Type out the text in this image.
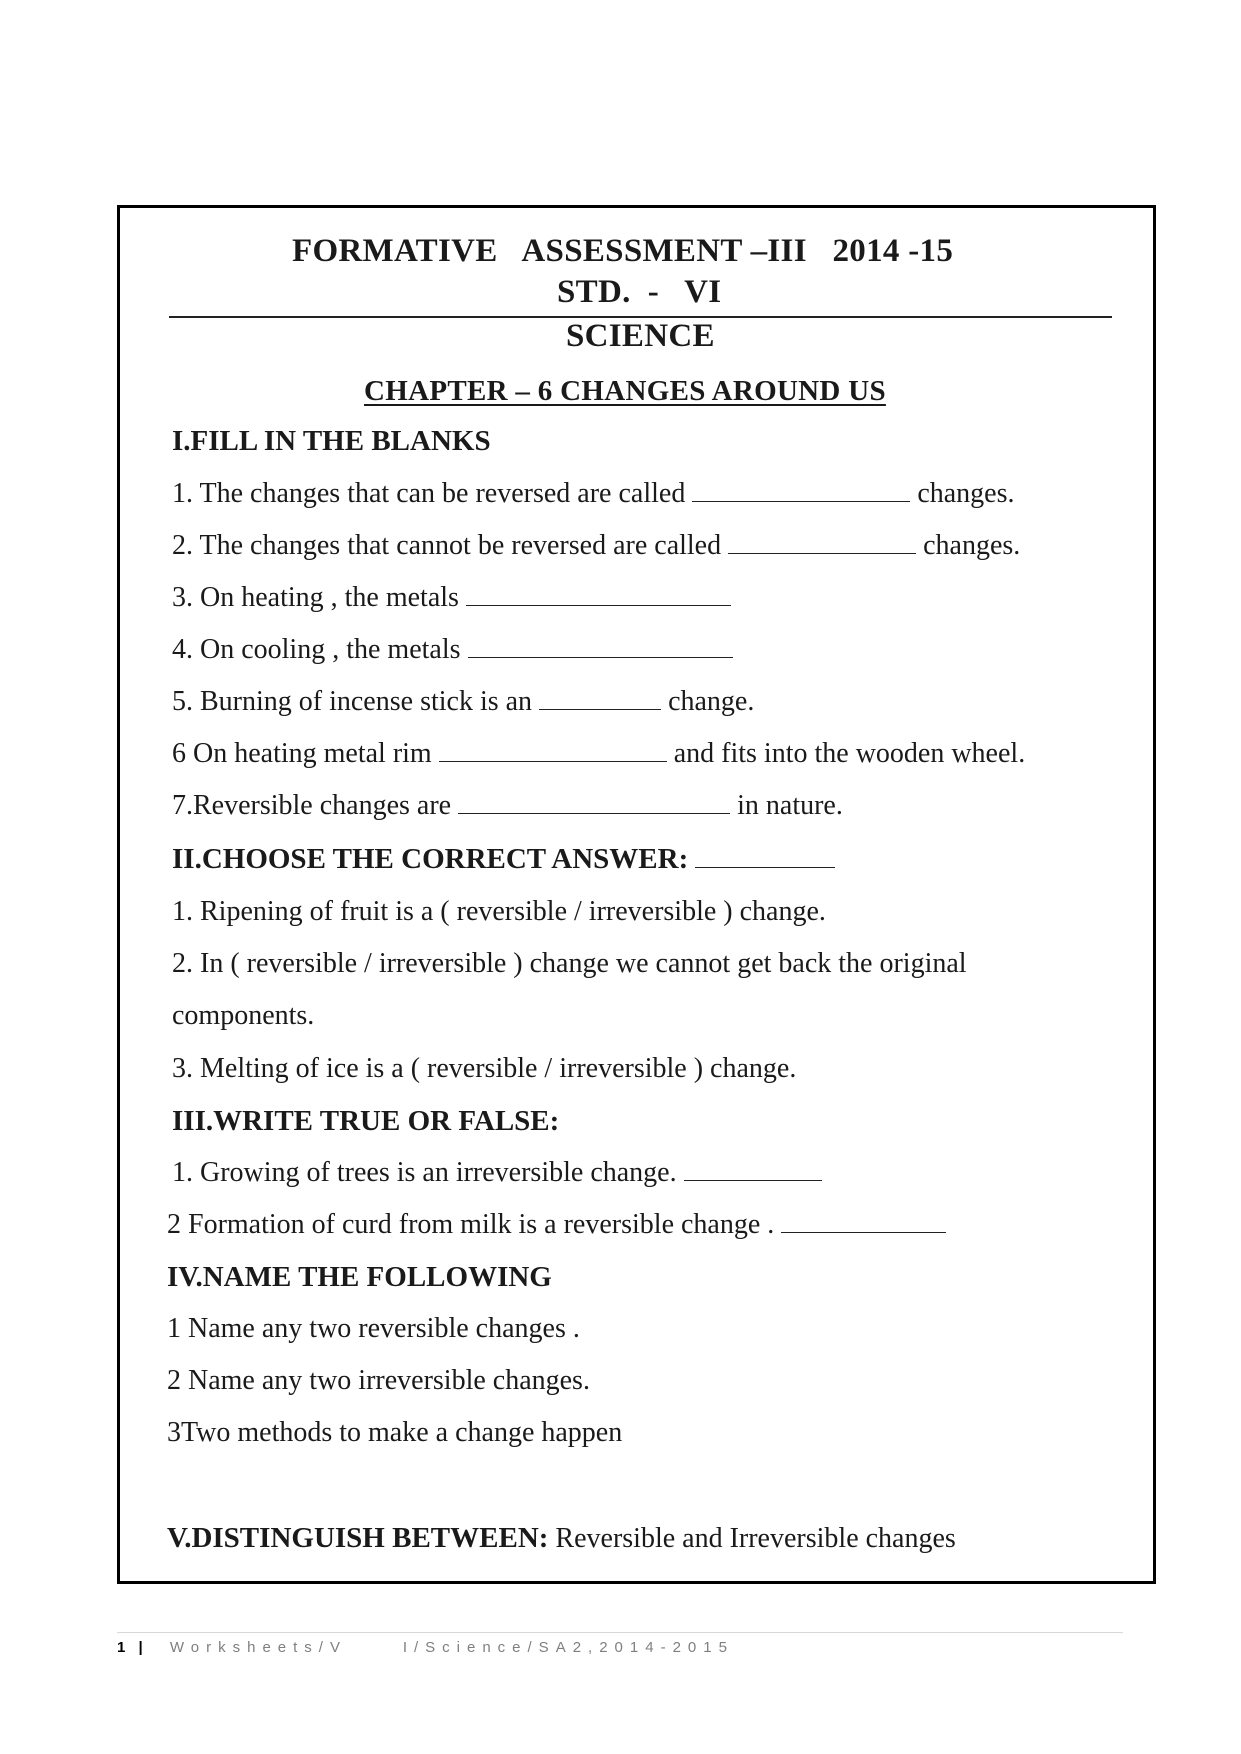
FORMATIVE   ASSESSMENT –III   2014 -15
STD.  -   VI
SCIENCE
CHAPTER – 6 CHANGES AROUND US
I.FILL IN THE BLANKS
1. The changes that can be reversed are called	changes.
2. The changes that cannot be reversed are called	changes.
3. On heating , the metals
4. On cooling , the metals
5. Burning of incense stick is an	change.
6 On heating metal rim	and fits into the wooden wheel.
7.Reversible changes are	in nature.
II.CHOOSE THE CORRECT ANSWER:
1. Ripening of fruit is a ( reversible / irreversible ) change.
2. In ( reversible / irreversible ) change we cannot get back the original
components.
3. Melting of ice is a ( reversible / irreversible ) change.
III.WRITE TRUE OR FALSE:
1. Growing of trees is an irreversible change.
2 Formation of curd from milk is a reversible change .
IV.NAME THE FOLLOWING
1 Name any two reversible changes .
2 Name any two irreversible changes.
3Two methods to make a change happen
V.DISTINGUISH BETWEEN: Reversible and Irreversible changes
1 | Worksheets/V     I/Science/SA2,2014-2015
